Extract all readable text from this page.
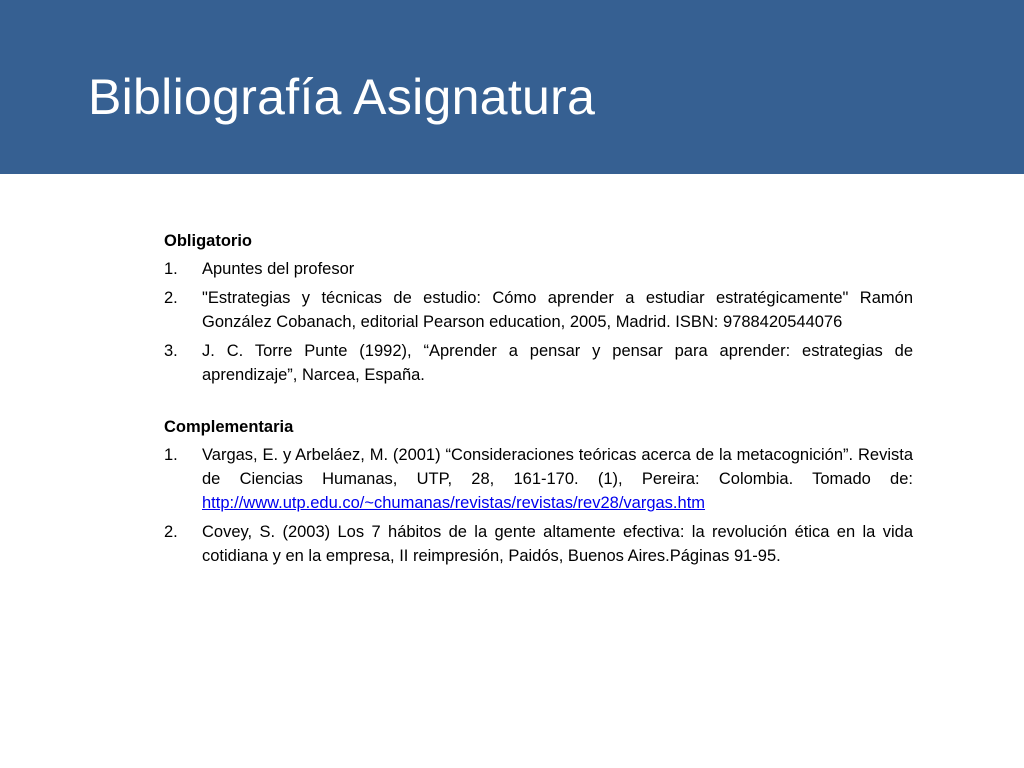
Bibliografía Asignatura
Obligatorio
1. Apuntes del profesor
2. "Estrategias y técnicas de estudio: Cómo aprender a estudiar estratégicamente" Ramón González Cobanach, editorial Pearson education, 2005, Madrid. ISBN: 9788420544076
3. J. C. Torre Punte (1992), “Aprender a pensar y pensar para aprender: estrategias de aprendizaje”, Narcea, España.
Complementaria
1. Vargas, E. y Arbeláez, M. (2001) “Consideraciones teóricas acerca de la metacognición”. Revista de Ciencias Humanas, UTP, 28, 161-170. (1), Pereira: Colombia. Tomado de: http://www.utp.edu.co/~chumanas/revistas/revistas/rev28/vargas.htm
2. Covey, S. (2003) Los 7 hábitos de la gente altamente efectiva: la revolución ética en la vida cotidiana y en la empresa, II reimpresión, Paidós, Buenos Aires.Páginas 91-95.
